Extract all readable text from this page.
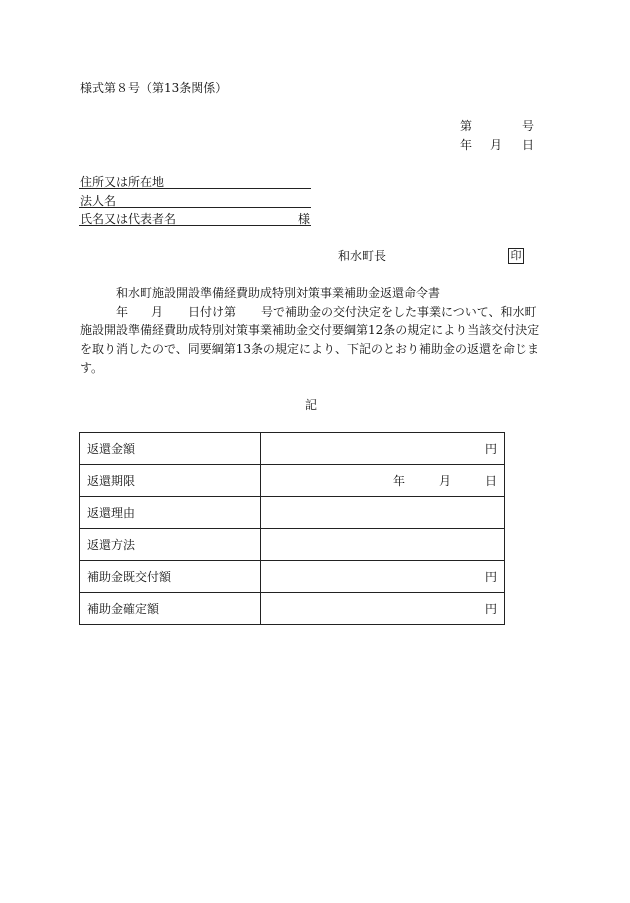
様式第８号（第13条関係）
第	号
年 月 日
住所又は所在地
法人名
氏名又は代表者名	様
和水町長	印
和水町施設開設準備経費助成特別対策事業補助金返還命令書
年 月 日付け第 号で補助金の交付決定をした事業について、和水町
施設開設準備経費助成特別対策事業補助金交付要綱第12条の規定により当該交付決定
を取り消したので、同要綱第13条の規定により、下記のとおり補助金の返還を命じま
す。
記
返還金額	円
返還期限	年 月 日
返還理由	
返還方法	
補助金既交付額	円
補助金確定額	円
